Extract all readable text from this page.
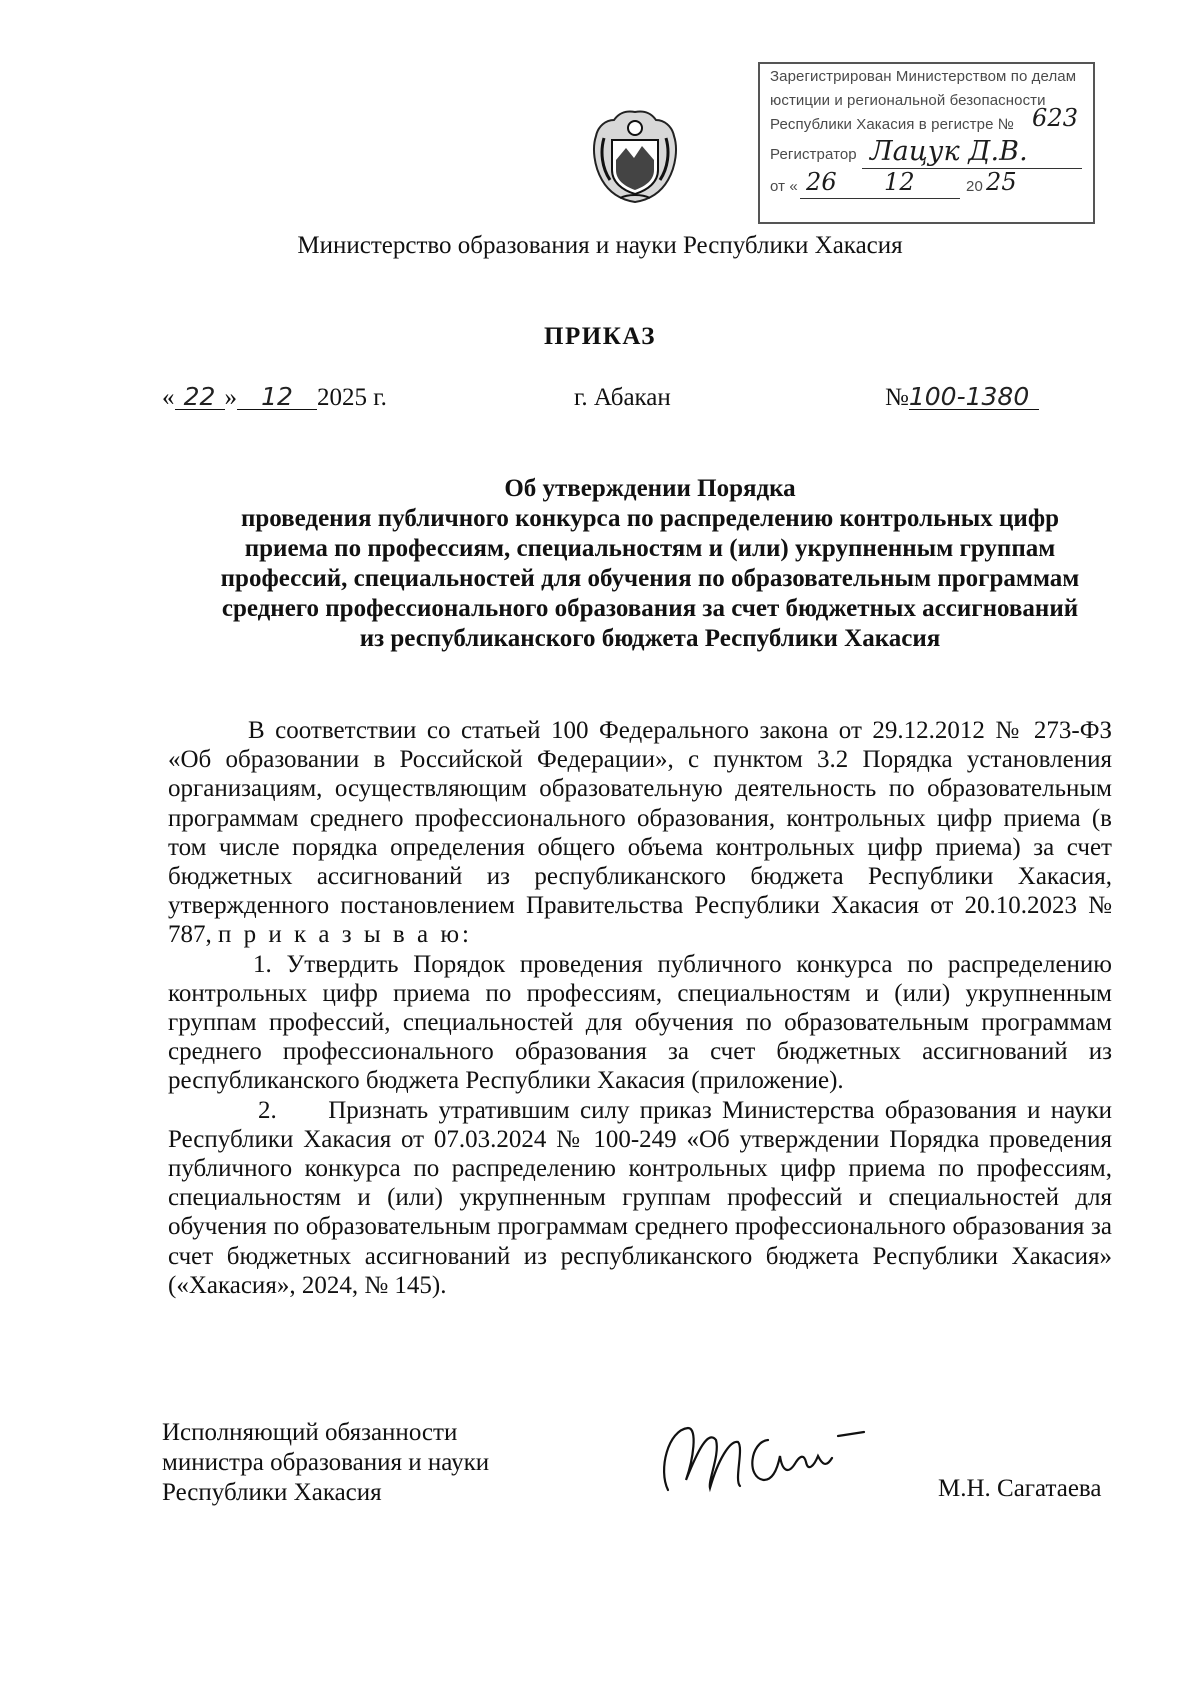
Зарегистрирован Министерством по делам
юстиции и региональной безопасности
Республики Хакасия в регистре № 623
Регистратор Лацук Д.В.
от « 26 12	20 25
Министерство образования и науки Республики Хакасия
ПРИКАЗ
« 22 » 12 2025 г.	г. Абакан	№100-1380
Об утверждении Порядка
проведения публичного конкурса по распределению контрольных цифр
приема по профессиям, специальностям и (или) укрупненным группам
профессий, специальностей для обучения по образовательным программам
среднего профессионального образования за счет бюджетных ассигнований
из республиканского бюджета Республики Хакасия

В соответствии со статьей 100 Федерального закона от 29.12.2012 № 273-ФЗ «Об образовании в Российской Федерации», с пунктом 3.2 Порядка установления организациям, осуществляющим образовательную деятельность по образовательным программам среднего профессионального образования, контрольных цифр приема (в том числе порядка определения общего объема контрольных цифр приема) за счет бюджетных ассигнований из республиканского бюджета Республики Хакасия, утвержденного постановлением Правительства Республики Хакасия от 20.10.2023 № 787, п р и к а з ы в а ю:

1. Утвердить Порядок проведения публичного конкурса по распределению контрольных цифр приема по профессиям, специальностям и (или) укрупненным группам профессий, специальностей для обучения по образовательным программам среднего профессионального образования за счет бюджетных ассигнований из республиканского бюджета Республики Хакасия (приложение).

2.     Признать утратившим силу приказ Министерства образования и науки Республики Хакасия от 07.03.2024 № 100-249 «Об утверждении Порядка проведения публичного конкурса по распределению контрольных цифр приема по профессиям, специальностям и (или) укрупненным группам профессий и специальностей для обучения по образовательным программам среднего профессионального образования за счет бюджетных ассигнований из республиканского бюджета Республики Хакасия» («Хакасия», 2024, № 145).

Исполняющий обязанности
министра образования и науки
Республики Хакасия	М.Н. Сагатаева
